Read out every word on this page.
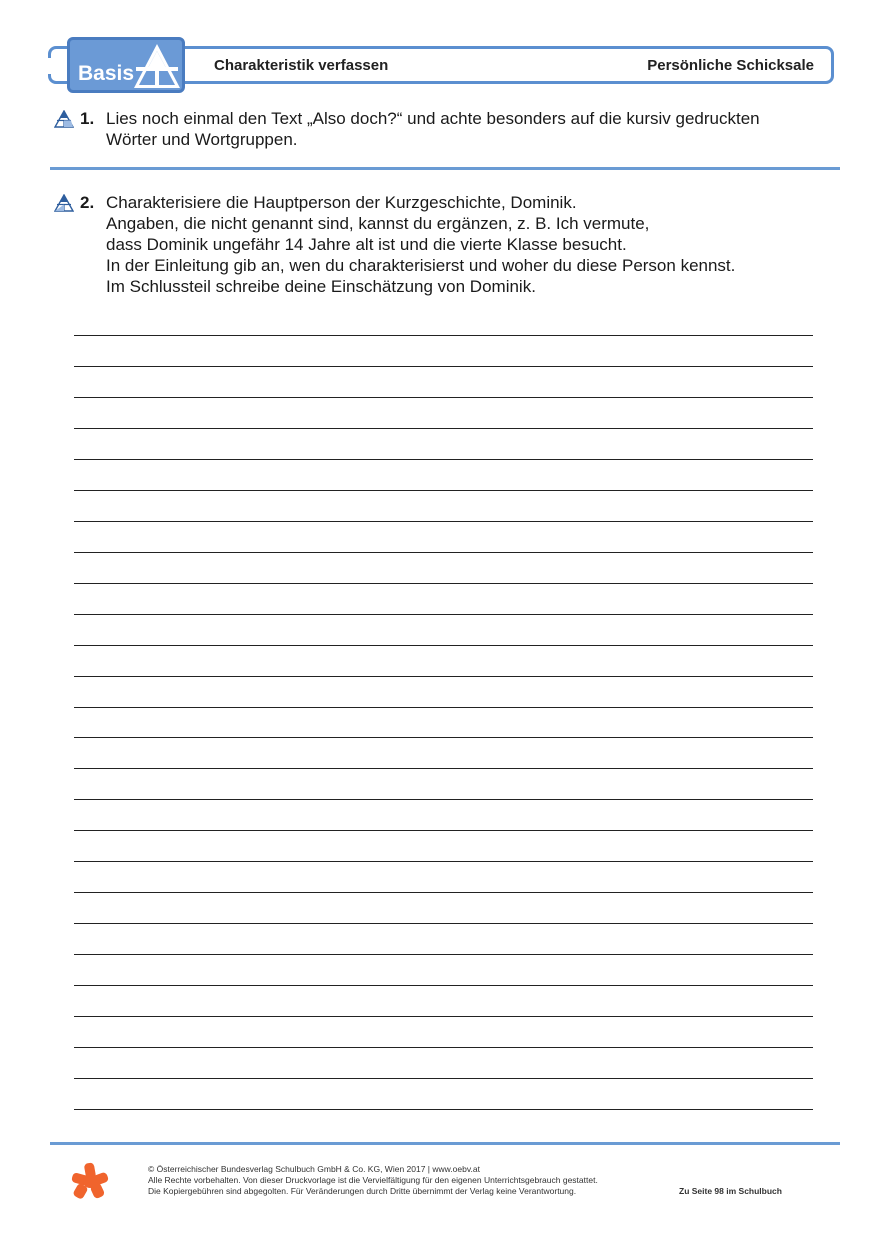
Basis	Charakteristik verfassen	Persönliche Schicksale
1. Lies noch einmal den Text „Also doch?“ und achte besonders auf die kursiv gedruckten
Wörter und Wortgruppen.
2. Charakterisiere die Hauptperson der Kurzgeschichte, Dominik.
Angaben, die nicht genannt sind, kannst du ergänzen, z. B. Ich vermute,
dass Dominik ungefähr 14 Jahre alt ist und die vierte Klasse besucht.
In der Einleitung gib an, wen du charakterisierst und woher du diese Person kennst.
Im Schlussteil schreibe deine Einschätzung von Dominik.
© Österreichischer Bundesverlag Schulbuch GmbH & Co. KG, Wien 2017 | www.oebv.at
Alle Rechte vorbehalten. Von dieser Druckvorlage ist die Vervielfältigung für den eigenen Unterrichtsgebrauch gestattet.
Die Kopiergebühren sind abgegolten. Für Veränderungen durch Dritte übernimmt der Verlag keine Verantwortung.	Zu Seite 98 im Schulbuch
